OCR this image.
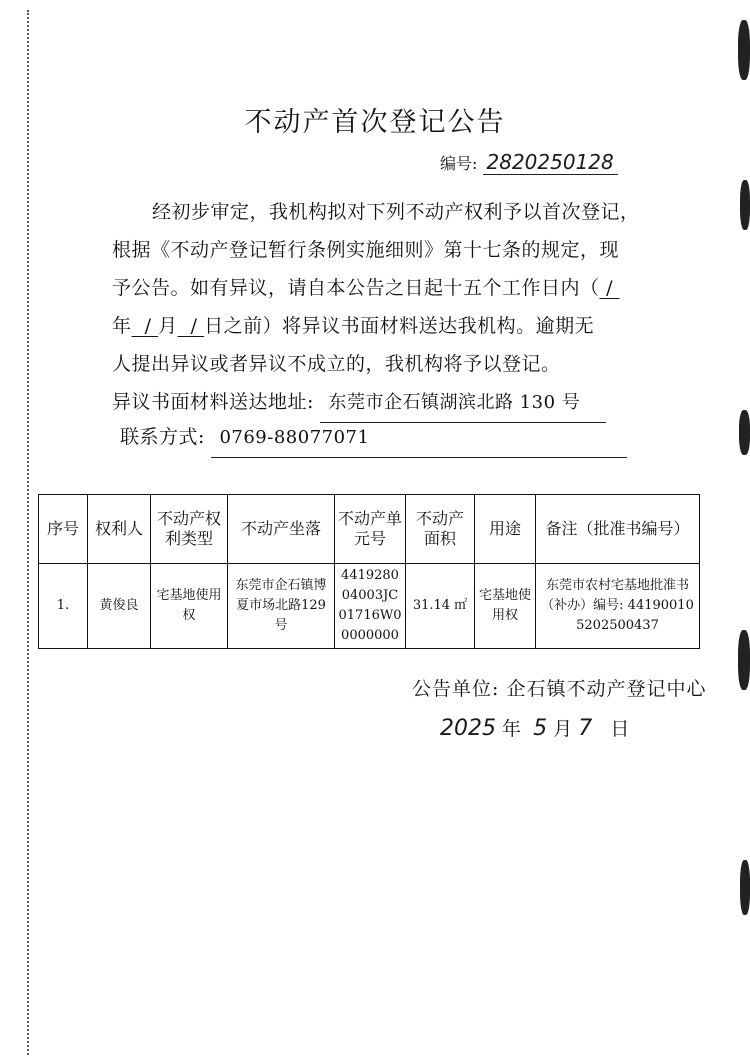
不动产首次登记公告
编号: 2820250128
经初步审定，我机构拟对下列不动产权利予以首次登记，
根据《不动产登记暂行条例实施细则》第十七条的规定，现
予公告。如有异议，请自本公告之日起十五个工作日内（ /
年 / 月 / 日之前）将异议书面材料送达我机构。逾期无
人提出异议或者异议不成立的，我机构将予以登记。
异议书面材料送达地址: 东莞市企石镇湖滨北路 130 号
联系方式: 0769-88077071
序号	权利人	不动产权利类型	不动产坐落	不动产单元号	不动产面积	用途	备注（批准书编号）
1.	黄俊良	宅基地使用权	东莞市企石镇博夏市场北路129号	441928004003JC01716W00000000	31.14 ㎡	宅基地使用权	东莞市农村宅基地批准书（补办）编号: 441900105202500437
公告单位: 企石镇不动产登记中心
2025 年 5 月 7 日
